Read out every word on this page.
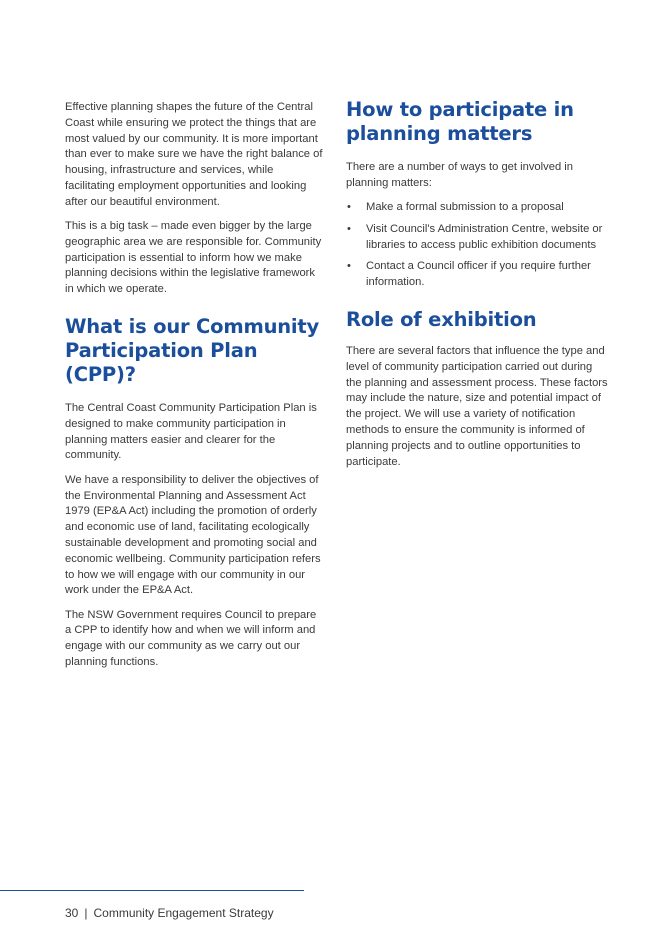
Effective planning shapes the future of the Central Coast while ensuring we protect the things that are most valued by our community. It is more important than ever to make sure we have the right balance of housing, infrastructure and services, while facilitating employment opportunities and looking after our beautiful environment.

This is a big task – made even bigger by the large geographic area we are responsible for. Community participation is essential to inform how we make planning decisions within the legislative framework in which we operate.

What is our Community Participation Plan (CPP)?

The Central Coast Community Participation Plan is designed to make community participation in planning matters easier and clearer for the community.

We have a responsibility to deliver the objectives of the Environmental Planning and Assessment Act 1979 (EP&A Act) including the promotion of orderly and economic use of land, facilitating ecologically sustainable development and promoting social and economic wellbeing. Community participation refers to how we will engage with our community in our work under the EP&A Act.

The NSW Government requires Council to prepare a CPP to identify how and when we will inform and engage with our community as we carry out our planning functions.

How to participate in planning matters

There are a number of ways to get involved in planning matters:

• Make a formal submission to a proposal
• Visit Council's Administration Centre, website or libraries to access public exhibition documents
• Contact a Council officer if you require further information.
Role of exhibition

There are several factors that influence the type and level of community participation carried out during the planning and assessment process. These factors may include the nature, size and potential impact of the project. We will use a variety of notification methods to ensure the community is informed of planning projects and to outline opportunities to participate.

30 | Community Engagement Strategy
